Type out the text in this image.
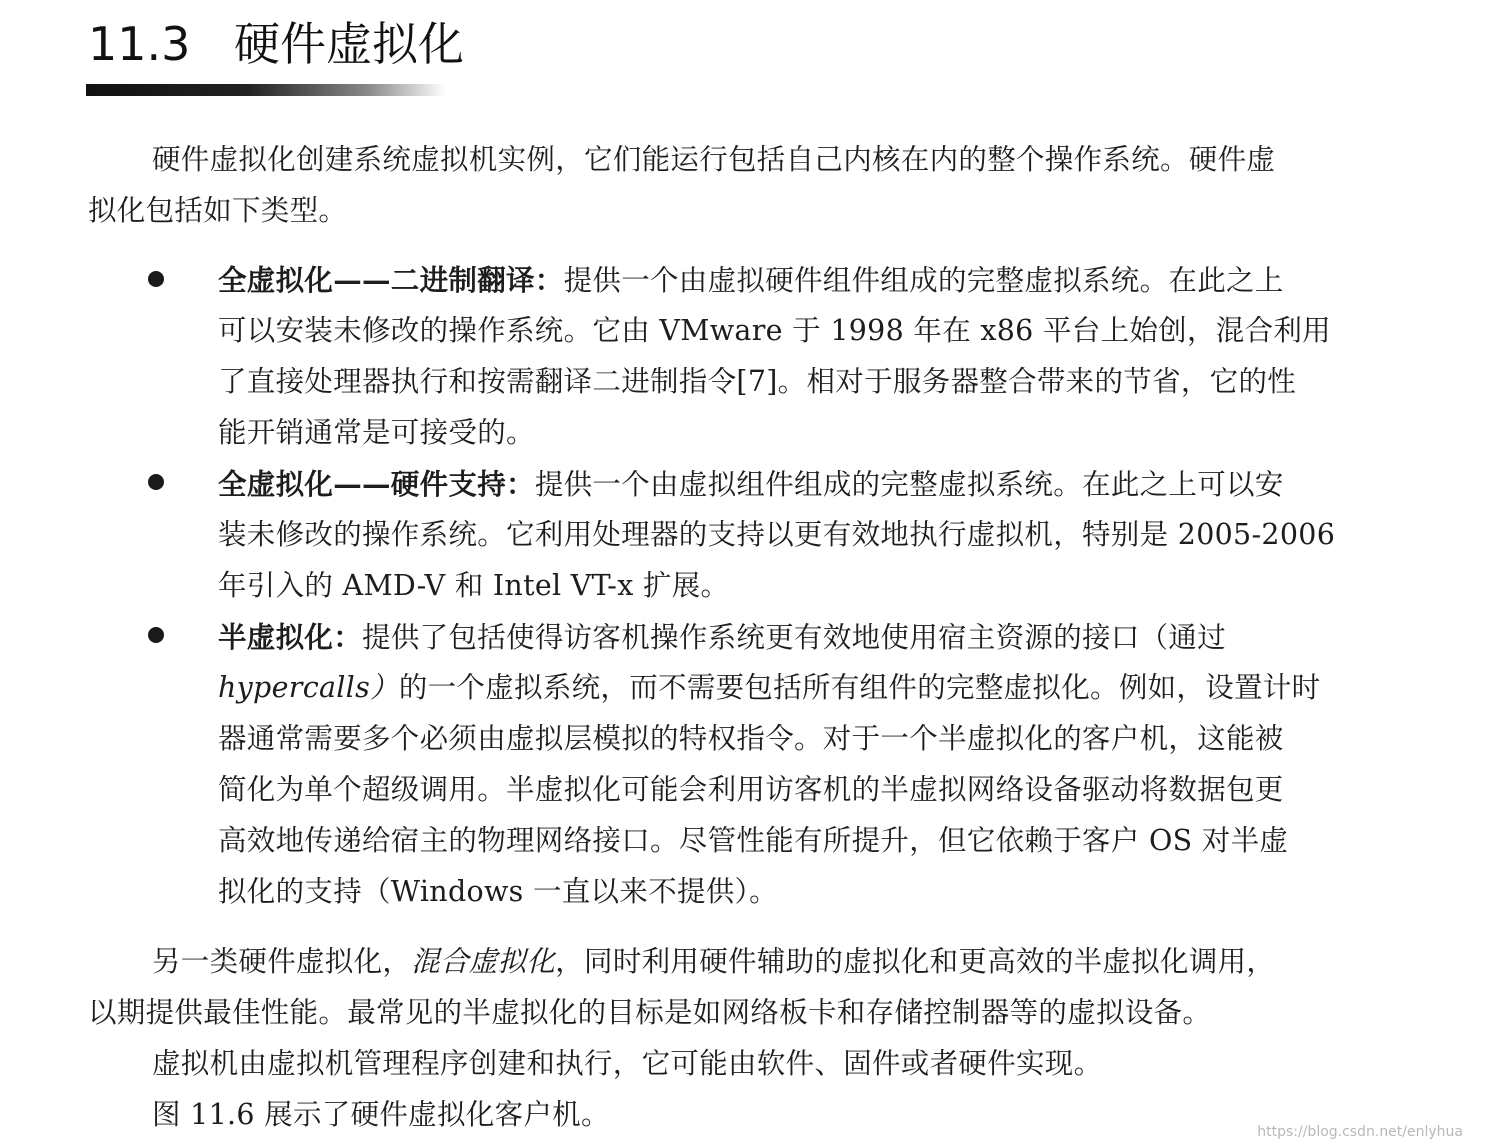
11.3 硬件虚拟化
硬件虚拟化创建系统虚拟机实例，它们能运行包括自己内核在内的整个操作系统。硬件虚
拟化包括如下类型。
全虚拟化——二进制翻译：提供一个由虚拟硬件组件组成的完整虚拟系统。在此之上
可以安装未修改的操作系统。它由 VMware 于 1998 年在 x86 平台上始创，混合利用
了直接处理器执行和按需翻译二进制指令[7]。相对于服务器整合带来的节省，它的性
能开销通常是可接受的。
全虚拟化——硬件支持：提供一个由虚拟组件组成的完整虚拟系统。在此之上可以安
装未修改的操作系统。它利用处理器的支持以更有效地执行虚拟机，特别是 2005-2006
年引入的 AMD-V 和 Intel VT-x 扩展。
半虚拟化：提供了包括使得访客机操作系统更有效地使用宿主资源的接口（通过
hypercalls）的一个虚拟系统，而不需要包括所有组件的完整虚拟化。例如，设置计时
器通常需要多个必须由虚拟层模拟的特权指令。对于一个半虚拟化的客户机，这能被
简化为单个超级调用。半虚拟化可能会利用访客机的半虚拟网络设备驱动将数据包更
高效地传递给宿主的物理网络接口。尽管性能有所提升，但它依赖于客户 OS 对半虚
拟化的支持（Windows 一直以来不提供）。
另一类硬件虚拟化，混合虚拟化，同时利用硬件辅助的虚拟化和更高效的半虚拟化调用，
以期提供最佳性能。最常见的半虚拟化的目标是如网络板卡和存储控制器等的虚拟设备。
虚拟机由虚拟机管理程序创建和执行，它可能由软件、固件或者硬件实现。
图 11.6 展示了硬件虚拟化客户机。
https://blog.csdn.net/enlyhua
